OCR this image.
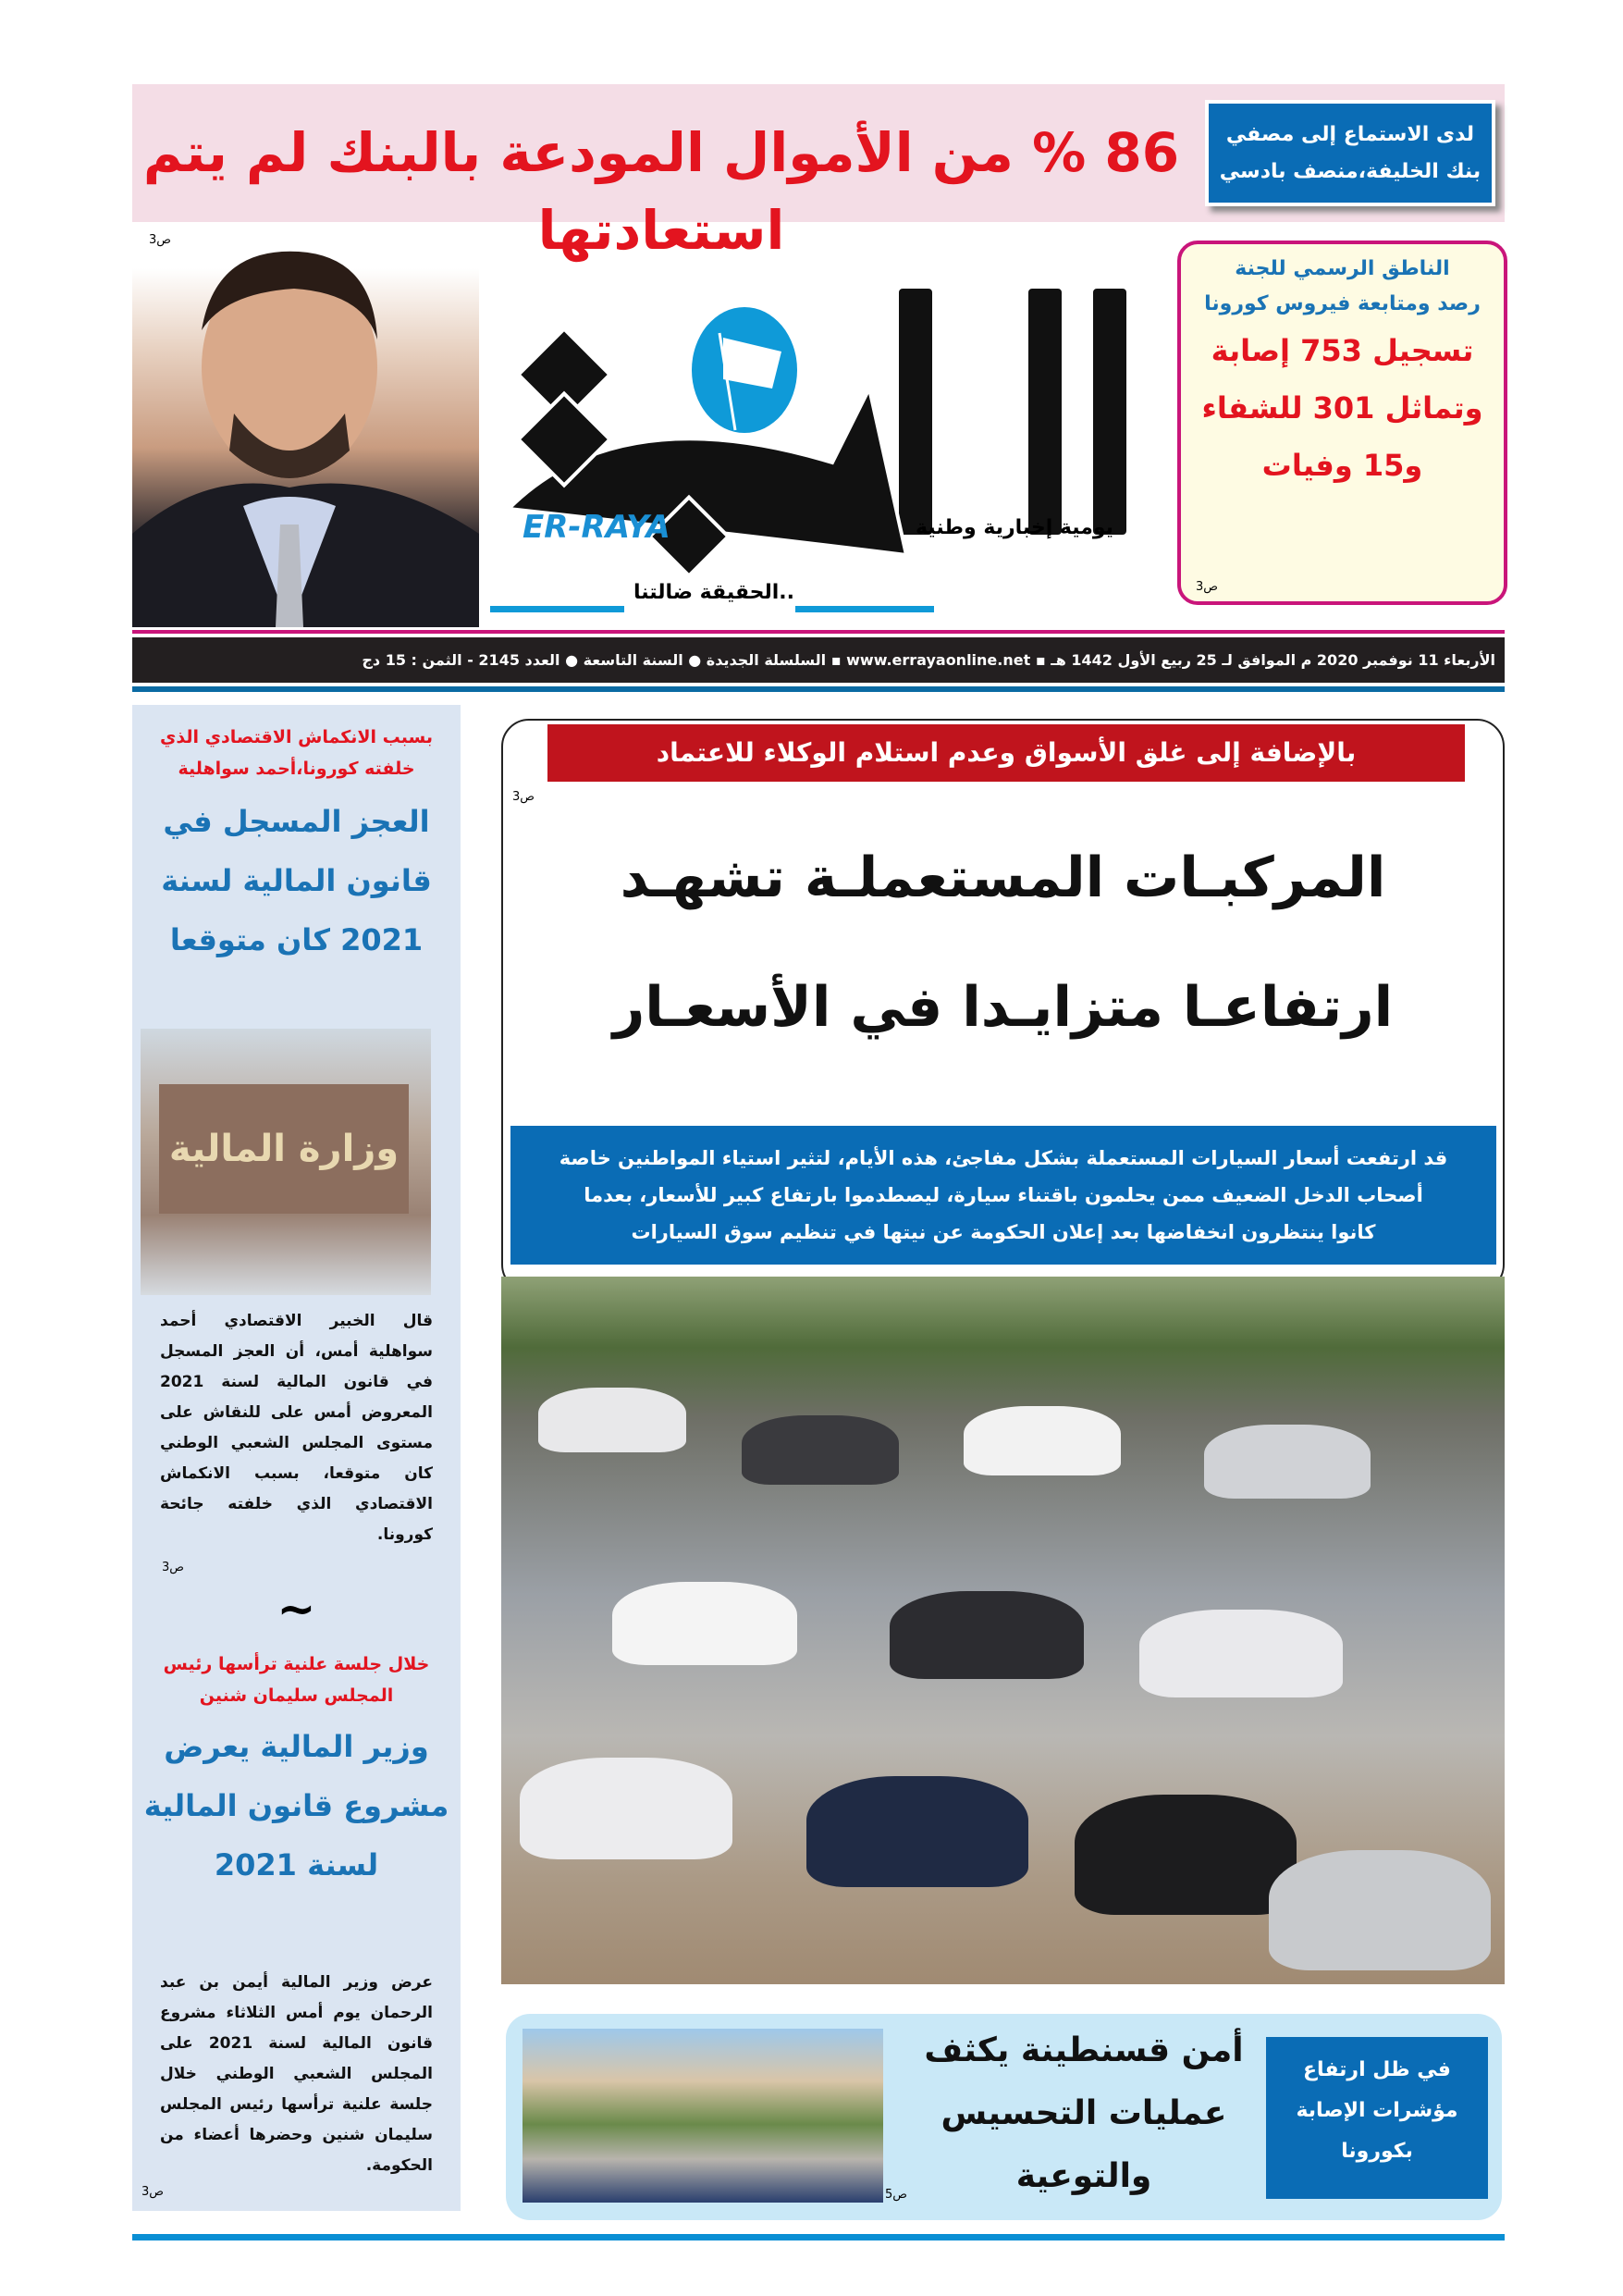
86 % من الأموال المودعة بالبنك لم يتم استعادتها
لدى الاستماع إلى مصفي
بنك الخليفة،منصف بادسي
ص3
ER-RAYA	يومية إخبارية وطنية
..الحقيقة ضالتنا
الناطق الرسمي للجنة
رصد ومتابعة فيروس كورونا
تسجيل 753 إصابة
وتماثل 301 للشفاء
و15 وفيات
ص3
الأربعاء 11 نوفمبر 2020 م الموافق لـ 25 ربيع الأول 1442 هـ ▪ www.errayaonline.net ▪ السلسلة الجديدة ● السنة التاسعة ● العدد 2145 - الثمن : 15 دج
بسبب الانكماش الاقتصادي الذي
خلفته كورونا،أحمد سواهلية
العجز المسجل في
قانون المالية لسنة
2021 كان متوقعا
وزارة المالية
قال الخبير الاقتصادي أحمد سواهلية أمس، أن العجز المسجل في قانون المالية لسنة 2021 المعروض أمس على للنقاش على مستوى المجلس الشعبي الوطني كان متوقعا، بسبب الانكماش الاقتصادي الذي خلفته جائحة كورونا.
ص3
~
خلال جلسة علنية ترأسها رئيس
المجلس سليمان شنين
وزير المالية يعرض
مشروع قانون المالية
لسنة 2021
عرض وزير المالية أيمن بن عبد الرحمان يوم أمس الثلاثاء مشروع قانون المالية لسنة 2021 على المجلس الشعبي الوطني خلال جلسة علنية ترأسها رئيس المجلس سليمان شنين وحضرها أعضاء من الحكومة.
ص3
بالإضافة إلى غلق الأسواق وعدم استلام الوكلاء للاعتماد
ص3
المركبـات المستعملـة تشهـد
ارتفاعـا متزايـدا في الأسعـار
قد ارتفعت أسعار السيارات المستعملة بشكل مفاجئ، هذه الأيام، لتثير استياء المواطنين خاصة
أصحاب الدخل الضعيف ممن يحلمون باقتناء سيارة، ليصطدموا بارتفاع كبير للأسعار، بعدما
كانوا ينتظرون انخفاضها بعد إعلان الحكومة عن نيتها في تنظيم سوق السيارات
ص5
أمن قسنطينة يكثف
عمليات التحسيس
والتوعية
في ظل ارتفاع
مؤشرات الإصابة
بكورونا
